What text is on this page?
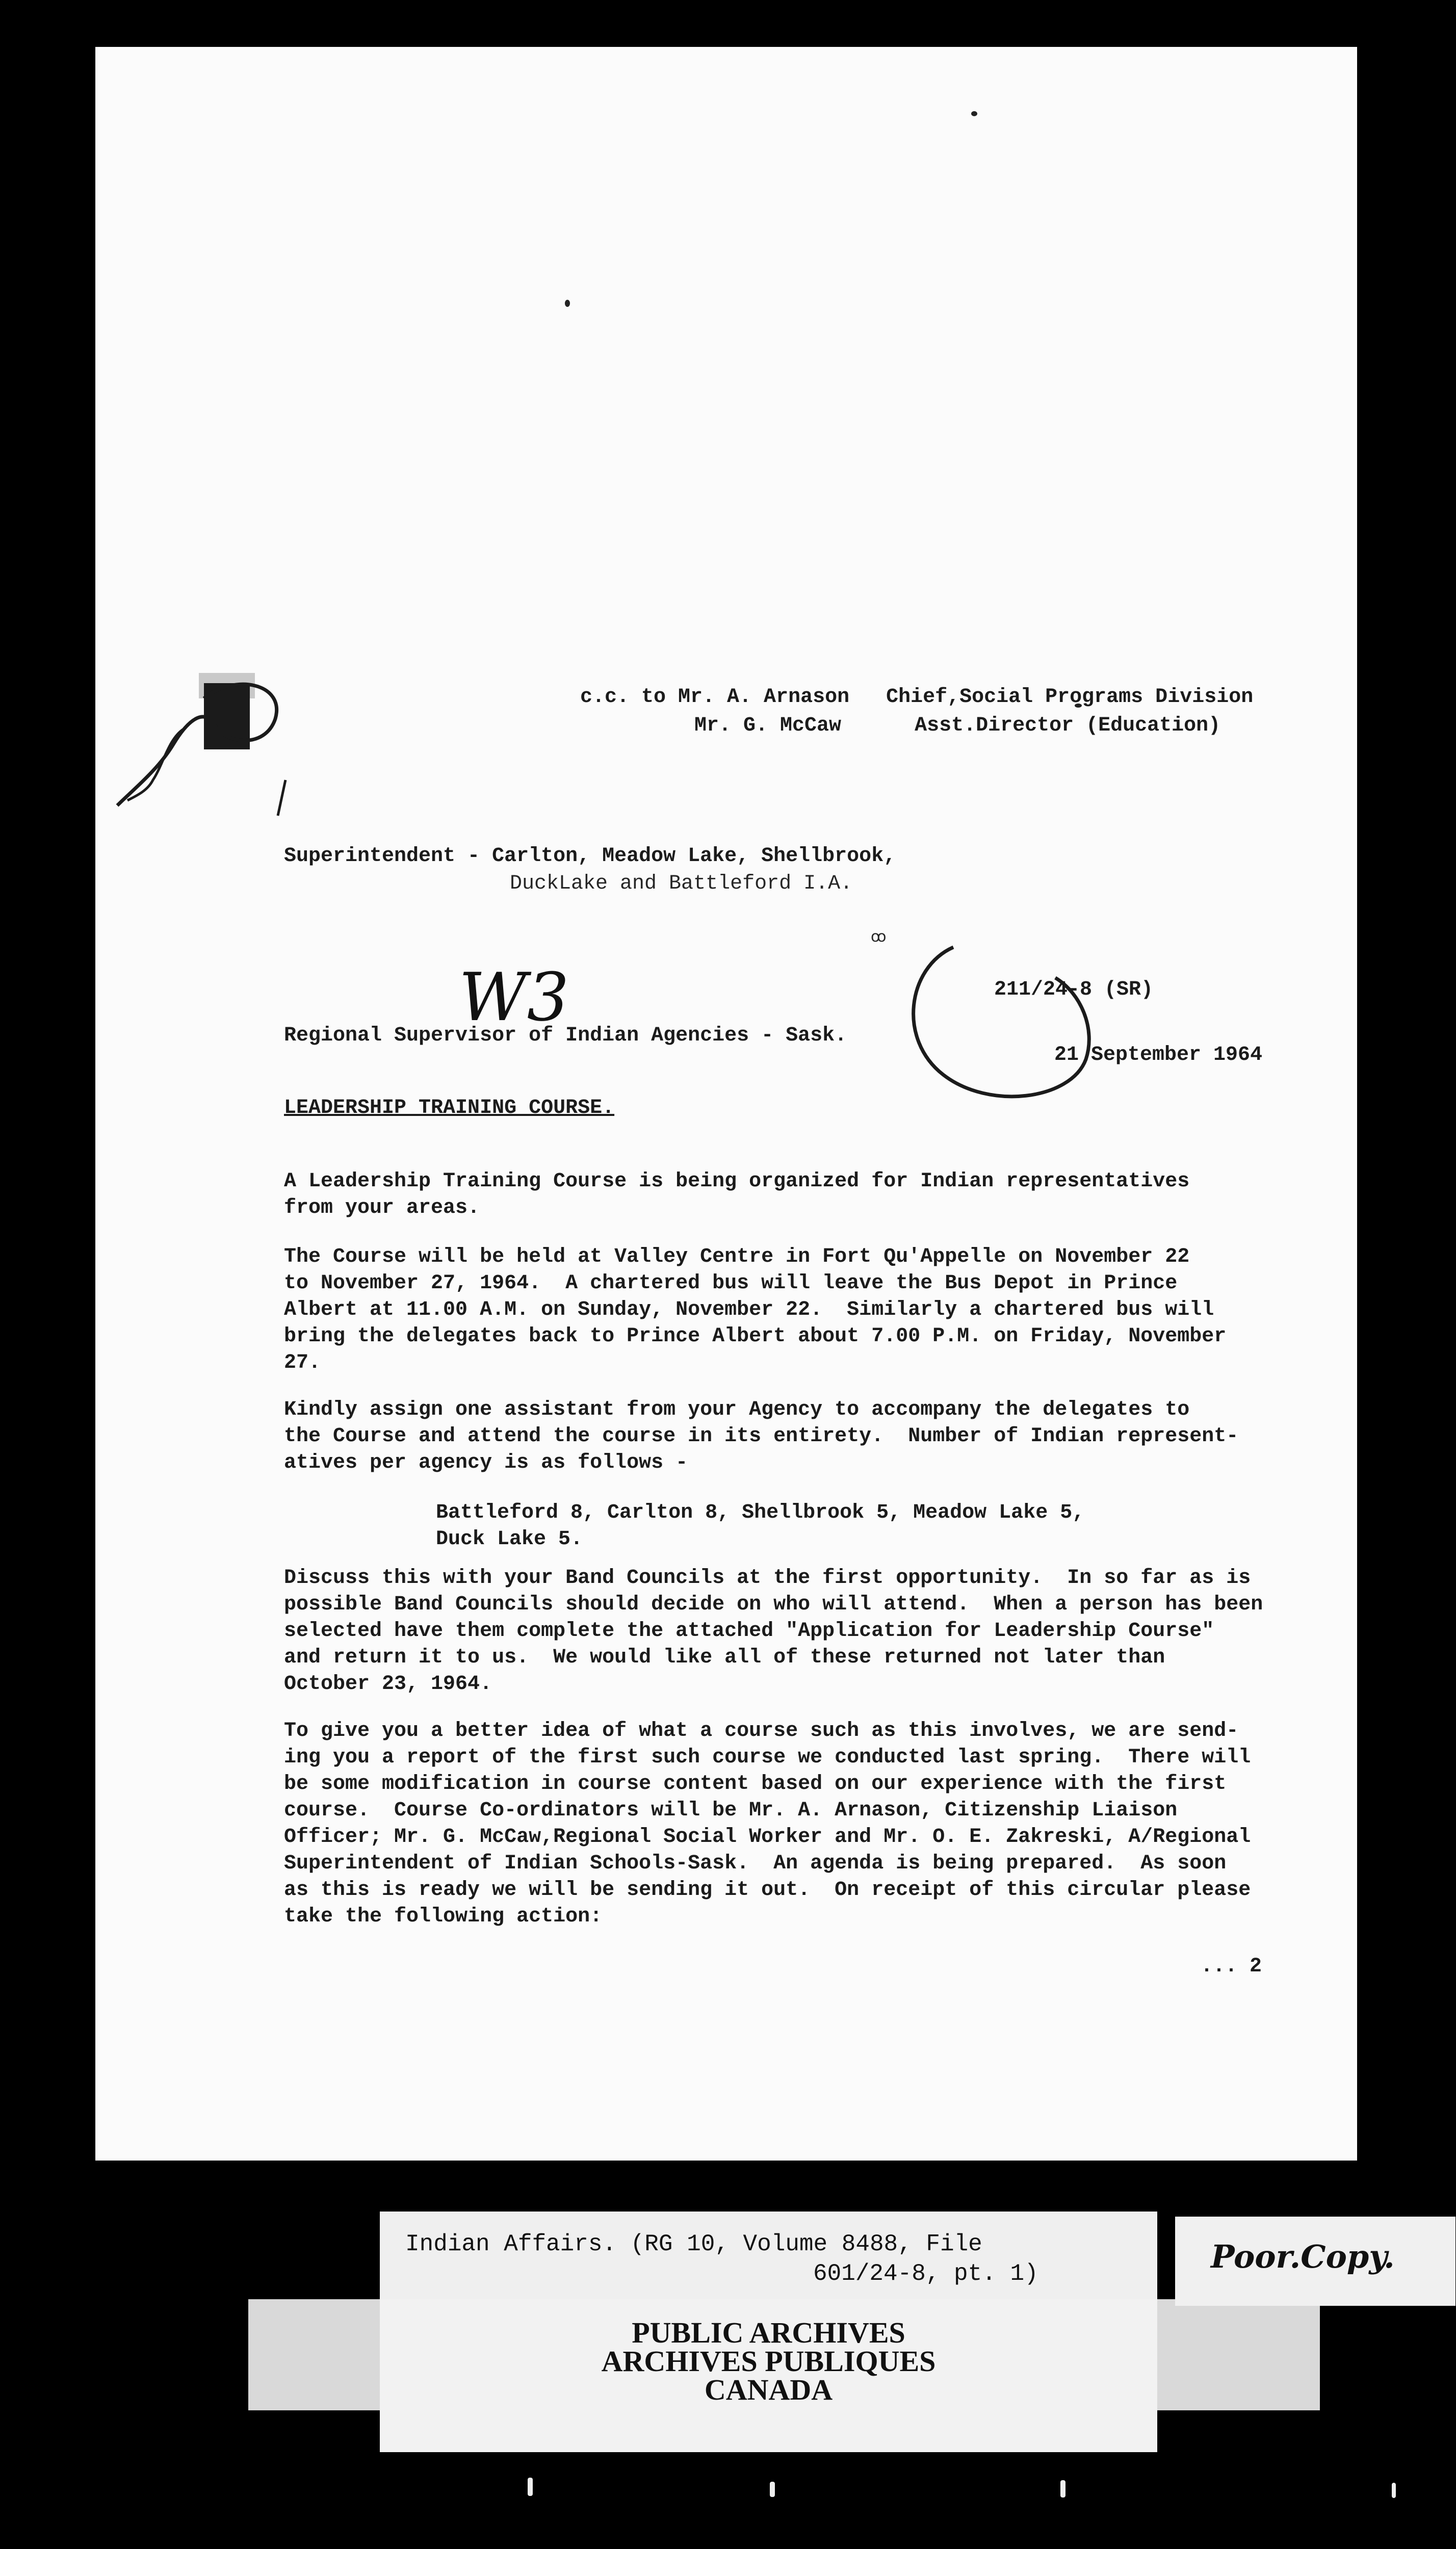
c.c. to Mr. A. Arnason   Chief,Social Programs Division
Mr. G. McCaw      Asst.Director (Education)
Superintendent - Carlton, Meadow Lake, Shellbrook,
DuckLake and Battleford I.A.
ꝏ
211/24-8 (SR)
W3
Regional Supervisor of Indian Agencies - Sask.
21 September 1964
LEADERSHIP TRAINING COURSE.
A Leadership Training Course is being organized for Indian representatives
from your areas.
The Course will be held at Valley Centre in Fort Qu'Appelle on November 22
to November 27, 1964.  A chartered bus will leave the Bus Depot in Prince
Albert at 11.00 A.M. on Sunday, November 22.  Similarly a chartered bus will
bring the delegates back to Prince Albert about 7.00 P.M. on Friday, November
27.
Kindly assign one assistant from your Agency to accompany the delegates to
the Course and attend the course in its entirety.  Number of Indian represent-
atives per agency is as follows -
Battleford 8, Carlton 8, Shellbrook 5, Meadow Lake 5,
Duck Lake 5.
Discuss this with your Band Councils at the first opportunity.  In so far as is
possible Band Councils should decide on who will attend.  When a person has been
selected have them complete the attached "Application for Leadership Course"
and return it to us.  We would like all of these returned not later than
October 23, 1964.
To give you a better idea of what a course such as this involves, we are send-
ing you a report of the first such course we conducted last spring.  There will
be some modification in course content based on our experience with the first
course.  Course Co-ordinators will be Mr. A. Arnason, Citizenship Liaison
Officer; Mr. G. McCaw,Regional Social Worker and Mr. O. E. Zakreski, A/Regional
Superintendent of Indian Schools-Sask.  An agenda is being prepared.  As soon
as this is ready we will be sending it out.  On receipt of this circular please
take the following action:
... 2
Indian Affairs. (RG 10, Volume 8488, File
601/24-8, pt. 1)
PUBLIC ARCHIVES
ARCHIVES PUBLIQUES
CANADA
Poor.Copy.
